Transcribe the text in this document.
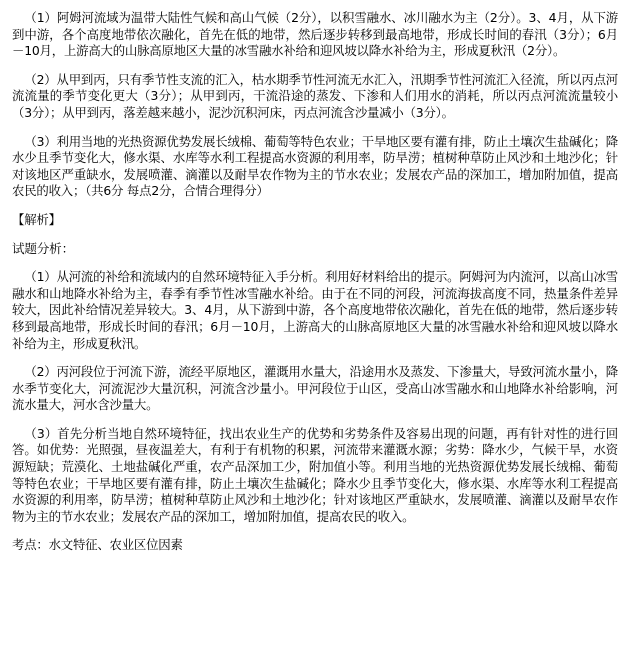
（1）阿姆河流域为温带大陆性气候和高山气候（2分），以积雪融水、冰川融水为主（2分）。3、4月，从下游到中游，各个高度地带依次融化，首先在低的地带，然后逐步转移到最高地带，形成长时间的春汛（3分）；6月－10月，上游高大的山脉高原地区大量的冰雪融水补给和迎风坡以降水补给为主，形成夏秋汛（2分）。

（2）从甲到丙，只有季节性支流的汇入，枯水期季节性河流无水汇入，汛期季节性河流汇入径流，所以丙点河流流量的季节变化更大（3分）；从甲到丙，干流沿途的蒸发、下渗和人们用水的消耗，所以丙点河流流量较小（3分）；从甲到丙，落差越来越小，泥沙沉积河床，丙点河流含沙量减小（3分）。

（3）利用当地的光热资源优势发展长绒棉、葡萄等特色农业；干旱地区要有灌有排，防止土壤次生盐碱化；降水少且季节变化大，修水渠、水库等水利工程提高水资源的利用率，防旱涝；植树种草防止风沙和土地沙化；针对该地区严重缺水，发展喷灌、滴灌以及耐旱农作物为主的节水农业；发展农产品的深加工，增加附加值，提高农民的收入；（共6分 每点2分，合情合理得分）

【解析】

试题分析：

（1）从河流的补给和流域内的自然环境特征入手分析。利用好材料给出的提示。阿姆河为内流河，以高山冰雪融水和山地降水补给为主，春季有季节性冰雪融水补给。由于在不同的河段，河流海拔高度不同，热量条件差异较大，因此补给情况差异较大。3、4月，从下游到中游，各个高度地带依次融化，首先在低的地带，然后逐步转移到最高地带，形成长时间的春汛；6月－10月，上游高大的山脉高原地区大量的冰雪融水补给和迎风坡以降水补给为主，形成夏秋汛。

（2）丙河段位于河流下游，流经平原地区，灌溉用水量大，沿途用水及蒸发、下渗量大，导致河流水量小，降水季节变化大，河流泥沙大量沉积，河流含沙量小。甲河段位于山区，受高山冰雪融水和山地降水补给影响，河流水量大，河水含沙量大。

（3）首先分析当地自然环境特征，找出农业生产的优势和劣势条件及容易出现的问题，再有针对性的进行回答。如优势：光照强，昼夜温差大，有利于有机物的积累，河流带来灌溉水源；劣势：降水少，气候干旱，水资源短缺；荒漠化、土地盐碱化严重，农产品深加工少，附加值小等。利用当地的光热资源优势发展长绒棉、葡萄等特色农业；干旱地区要有灌有排，防止土壤次生盐碱化；降水少且季节变化大，修水渠、水库等水利工程提高水资源的利用率，防旱涝；植树种草防止风沙和土地沙化；针对该地区严重缺水，发展喷灌、滴灌以及耐旱农作物为主的节水农业；发展农产品的深加工，增加附加值，提高农民的收入。

考点：水文特征、农业区位因素
